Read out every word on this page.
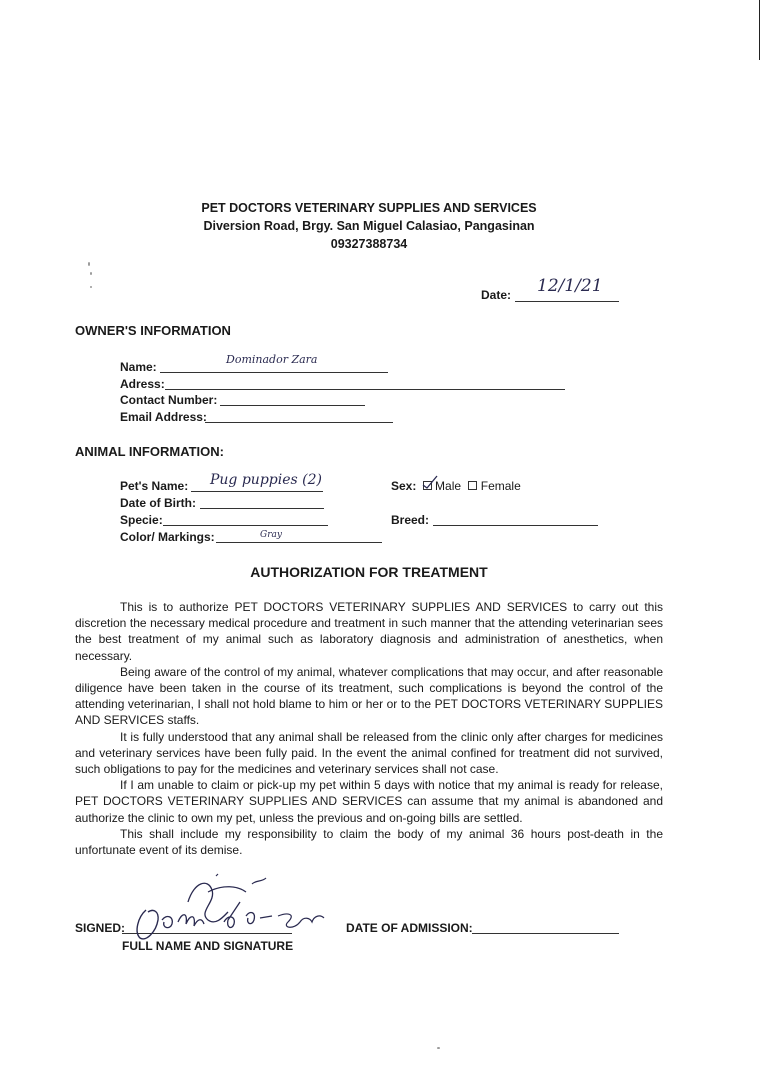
PET DOCTORS VETERINARY SUPPLIES AND SERVICES
Diversion Road, Brgy. San Miguel Calasiao, Pangasinan
09327388734
Date: 12/1/21
OWNER'S INFORMATION
Name:
Dominador Zara
Adress:
Contact Number:
Email Address:
ANIMAL INFORMATION:
Pet's Name: Pug puppies (2)
Date of Birth:
Specie:
Color/ Markings:	Gray
Sex: Male Female
Breed:
AUTHORIZATION FOR TREATMENT

This is to authorize PET DOCTORS VETERINARY SUPPLIES AND SERVICES to carry out this discretion the necessary medical procedure and treatment in such manner that the attending veterinarian sees the best treatment of my animal such as laboratory diagnosis and administration of anesthetics, when necessary.

Being aware of the control of my animal, whatever complications that may occur, and after reasonable diligence have been taken in the course of its treatment, such complications is beyond the control of the attending veterinarian, I shall not hold blame to him or her or to the PET DOCTORS VETERINARY SUPPLIES AND SERVICES staffs.

It is fully understood that any animal shall be released from the clinic only after charges for medicines and veterinary services have been fully paid. In the event the animal confined for treatment did not survived, such obligations to pay for the medicines and veterinary services shall not case.

If I am unable to claim or pick-up my pet within 5 days with notice that my animal is ready for release, PET DOCTORS VETERINARY SUPPLIES AND SERVICES can assume that my animal is abandoned and authorize the clinic to own my pet, unless the previous and on-going bills are settled.

This shall include my responsibility to claim the body of my animal 36 hours post-death in the unfortunate event of its demise.

SIGNED:
FULL NAME AND SIGNATURE
DATE OF ADMISSION:
